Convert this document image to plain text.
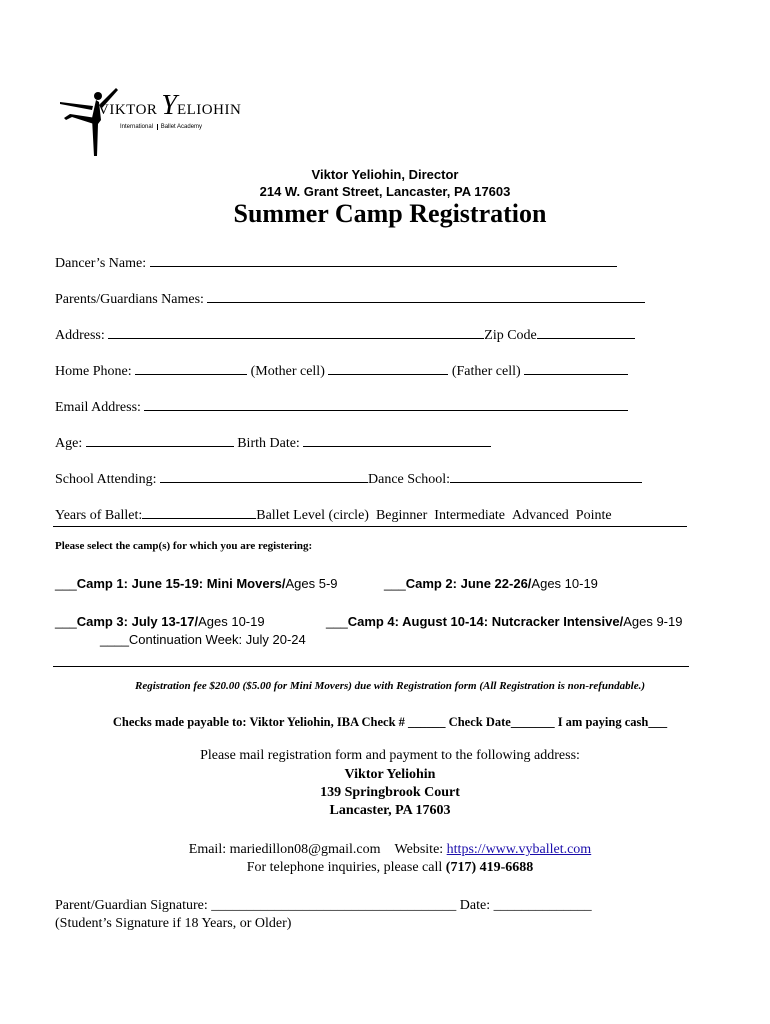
VIKTOR YELIOHIN
International Ballet Academy
Viktor Yeliohin, Director
214 W. Grant Street, Lancaster, PA 17603
Summer Camp Registration
Dancer’s Name:
Parents/Guardians Names:
Address:	Zip Code
Home Phone:	(Mother cell)	(Father cell)
Email Address:
Age:	Birth Date:
School Attending:	Dance School:
Years of Ballet:	Ballet Level (circle) Beginner Intermediate Advanced Pointe
Please select the camp(s) for which you are registering:
___Camp 1: June 15-19: Mini Movers/Ages 5-9	___Camp 2: June 22-26/Ages 10-19
___Camp 3: July 13-17/Ages 10-19	___Camp 4: August 10-14: Nutcracker Intensive/Ages 9-19
____Continuation Week: July 20-24
Registration fee $20.00 ($5.00 for Mini Movers) due with Registration form (All Registration is non-refundable.)
Checks made payable to: Viktor Yeliohin, IBA Check # ______ Check Date_______ I am paying cash___
Please mail registration form and payment to the following address:
Viktor Yeliohin
139 Springbrook Court
Lancaster, PA 17603
Email: mariedillon08@gmail.com Website: https://www.vyballet.com
For telephone inquiries, please call (717) 419-6688
Parent/Guardian Signature: ___________________________________ Date: ______________
(Student’s Signature if 18 Years, or Older)
